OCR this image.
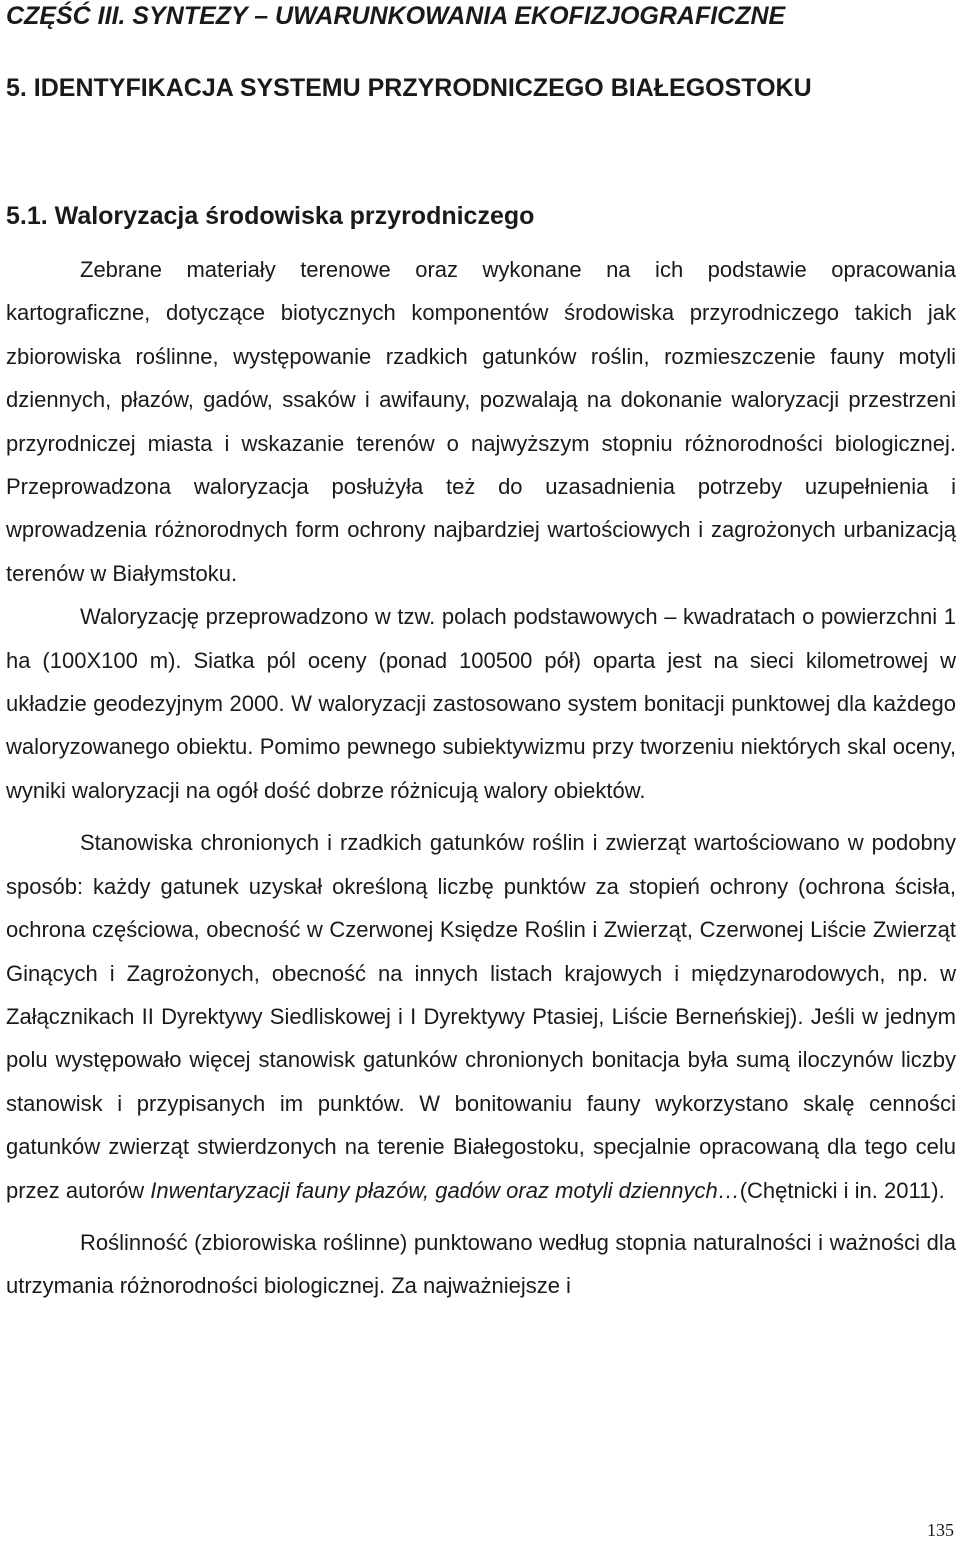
CZĘŚĆ III. SYNTEZY – UWARUNKOWANIA EKOFIZJOGRAFICZNE
5. IDENTYFIKACJA SYSTEMU PRZYRODNICZEGO BIAŁEGOSTOKU
5.1. Waloryzacja środowiska przyrodniczego

Zebrane materiały terenowe oraz wykonane na ich podstawie opracowania kartograficzne, dotyczące biotycznych komponentów środowiska przyrodniczego takich jak zbiorowiska roślinne, występowanie rzadkich gatunków roślin, rozmieszczenie fauny motyli dziennych, płazów, gadów, ssaków i awifauny, pozwalają na dokonanie waloryzacji przestrzeni przyrodniczej miasta i wskazanie terenów o najwyższym stopniu różnorodności biologicznej. Przeprowadzona waloryzacja posłużyła też do uzasadnienia potrzeby uzupełnienia i wprowadzenia różnorodnych form ochrony najbardziej wartościowych i zagrożonych urbanizacją terenów w Białymstoku.

Waloryzację przeprowadzono w tzw. polach podstawowych – kwadratach o powierzchni 1 ha (100X100 m). Siatka pól oceny (ponad 100500 pół) oparta jest na sieci kilometrowej w układzie geodezyjnym 2000. W waloryzacji zastosowano system bonitacji punktowej dla każdego waloryzowanego obiektu. Pomimo pewnego subiektywizmu przy tworzeniu niektórych skal oceny, wyniki waloryzacji na ogół dość dobrze różnicują walory obiektów.

Stanowiska chronionych i rzadkich gatunków roślin i zwierząt wartościowano w podobny sposób: każdy gatunek uzyskał określoną liczbę punktów za stopień ochrony (ochrona ścisła, ochrona częściowa, obecność w Czerwonej Księdze Roślin i Zwierząt, Czerwonej Liście Zwierząt Ginących i Zagrożonych, obecność na innych listach krajowych i międzynarodowych, np. w Załącznikach II Dyrektywy Siedliskowej i I Dyrektywy Ptasiej, Liście Berneńskiej). Jeśli w jednym polu występowało więcej stanowisk gatunków chronionych bonitacja była sumą iloczynów liczby stanowisk i przypisanych im punktów. W bonitowaniu fauny wykorzystano skalę cenności gatunków zwierząt stwierdzonych na terenie Białegostoku, specjalnie opracowaną dla tego celu przez autorów Inwentaryzacji fauny płazów, gadów oraz motyli dziennych…(Chętnicki i in. 2011).

Roślinność (zbiorowiska roślinne) punktowano według stopnia naturalności i ważności dla utrzymania różnorodności biologicznej. Za najważniejsze i

135
